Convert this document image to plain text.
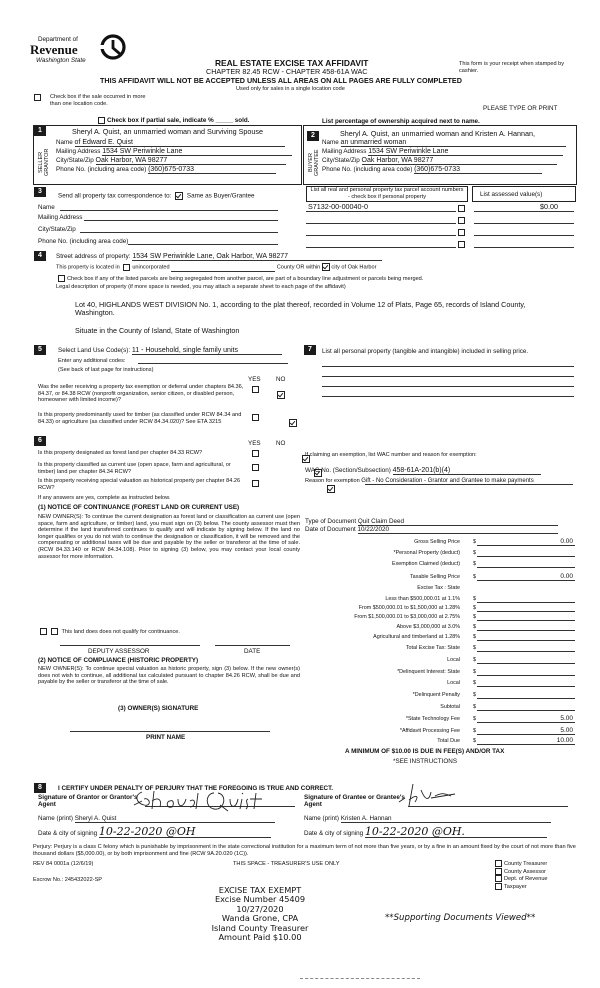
Department of
Revenue
Washington State	REAL ESTATE EXCISE TAX AFFIDAVIT
CHAPTER 82.45 RCW - CHAPTER 458-61A WAC
THIS AFFIDAVIT WILL NOT BE ACCEPTED UNLESS ALL AREAS ON ALL PAGES ARE FULLY COMPLETED
Used only for sales in a single location code
This form is your receipt when stamped by cashier.
Check box if the sale occurred in more than one location code.
PLEASE TYPE OR PRINT
Check box if partial sale, indicate % _____ sold.	List percentage of ownership acquired next to name.
1
SELLER GRANTOR
Sheryl A. Quist, an unmarried woman and Surviving Spouse
Name of Edward E. Quist
Mailing Address 1534 SW Periwinkle Lane
City/State/Zip Oak Harbor, WA 98277
Phone No. (including area code) (360)675-0733
2
BUYER GRANTEE
Sheryl A. Quist, an unmarried woman and Kristen A. Hannan,
Name an unmarried woman
Mailing Address 1534 SW Periwinkle Lane
City/State/Zip Oak Harbor, WA 98277
Phone No. (including area code) (360)675-0733
3
Send all property tax correspondence to: Same as Buyer/Grantee
Name
Mailing Address
City/State/Zip
Phone No. (including area code)
List all real and personal property tax parcel account numbers - check box if personal property	List assessed value(s)
S7132-00-00040-0	$0.00
4	Street address of property: 1534 SW Periwinkle Lane, Oak Harbor, WA 98277
This property is located in unincorporated	County OR within city of Oak Harbor
Check box if any of the listed parcels are being segregated from another parcel, are part of a boundary line adjustment or parcels being merged.
Legal description of property (if more space is needed, you may attach a separate sheet to each page of the affidavit)
Lot 40, HIGHLANDS WEST DIVISION No. 1, according to the plat thereof, recorded in Volume 12 of Plats, Page 65, records of Island County, Washington.
Situate in the County of Island, State of Washington
5	Select Land Use Code(s): 11 - Household, single family units
Enter any additional codes:
(See back of last page for instructions)
YES NO
Was the seller receiving a property tax exemption or deferral under chapters 84.36, 84.37, or 84.38 RCW (nonprofit organization, senior citizen, or disabled person, homeowner with limited income)?

Is this property predominantly used for timber (as classified under RCW 84.34 and 84.33) or agriculture (as classified under RCW 84.34.020)? See ETA 3215

6	YES NO
Is this property designated as forest land per chapter 84.33 RCW?

Is this property classified as current use (open space, farm and agricultural, or timber) land per chapter 84.34 RCW?

Is this property receiving special valuation as historical property per chapter 84.26 RCW?
If any answers are yes, complete as instructed below.
(1) NOTICE OF CONTINUANCE (FOREST LAND OR CURRENT USE)
NEW OWNER(S): To continue the current designation as forest land or classification as current use (open space, farm and agriculture, or timber) land, you must sign on (3) below. The county assessor must then determine if the land transferred continues to qualify and will indicate by signing below. If the land no longer qualifies or you do not wish to continue the designation or classification, it will be removed and the compensating or additional taxes will be due and payable by the seller or transferor at the time of sale. (RCW 84.33.140 or RCW 84.34.108). Prior to signing (3) below, you may contact your local county assessor for more information.
This land does does not qualify for continuance.
DEPUTY ASSESSOR	DATE
(2) NOTICE OF COMPLIANCE (HISTORIC PROPERTY)
NEW OWNER(S): To continue special valuation as historic property, sign (3) below. If the new owner(s) does not wish to continue, all additional tax calculated pursuant to chapter 84.26 RCW, shall be due and payable by the seller or transferor at the time of sale.
(3) OWNER(S) SIGNATURE
PRINT NAME
7	List all personal property (tangible and intangible) included in selling price.
If claiming an exemption, list WAC number and reason for exemption:
WAC No. (Section/Subsection) 458-61A-201(b)(4)
Reason for exemption Gift - No Consideration - Grantor and Grantee to make payments
Type of Document Quit Claim Deed
Date of Document 10/22/2020
Gross Selling Price $	0.00
*Personal Property (deduct) $
Exemption Claimed (deduct) $
Taxable Selling Price $	0.00
Excise Tax : State
Less than $500,000.01 at 1.1% $
From $500,000.01 to $1,500,000 at 1.28% $
From $1,500,000.01 to $3,000,000 at 2.75% $
Above $3,000,000 at 3.0% $
Agricultural and timberland at 1.28% $
Total Excise Tax: State $
Local $
*Delinquent Interest: State $
Local $
*Delinquent Penalty $
Subtotal $
*State Technology Fee $	5.00
*Affidavit Processing Fee $	5.00
Total Due $	10.00
A MINIMUM OF $10.00 IS DUE IN FEE(S) AND/OR TAX
*SEE INSTRUCTIONS
8	I CERTIFY UNDER PENALTY OF PERJURY THAT THE FOREGOING IS TRUE AND CORRECT.
Signature of Grantor or Grantor's Agent
Signature of Grantee or Grantee's Agent
Name (print) Sheryl A. Quist	Name (print) Kristen A. Hannan
Date & city of signing 10-22-2020 @OH	Date & city of signing 10-22-2020 @OH.
Perjury: Perjury is a class C felony which is punishable by imprisonment in the state correctional institution for a maximum term of not more than five years, or by a fine in an amount fixed by the court of not more than five thousand dollars ($5,000.00), or by both imprisonment and fine (RCW 9A.20.020 (1C)).
REV 84 0001a (12/6/19)	THIS SPACE - TREASURER'S USE ONLY
Escrow No.: 245432022-SP
County Treasurer
County Assessor
Dept. of Revenue
Taxpayer
EXCISE TAX EXEMPT
Excise Number 45409
10/27/2020
Wanda Grone, CPA
Island County Treasurer
Amount Paid $10.00
**Supporting Documents Viewed**
